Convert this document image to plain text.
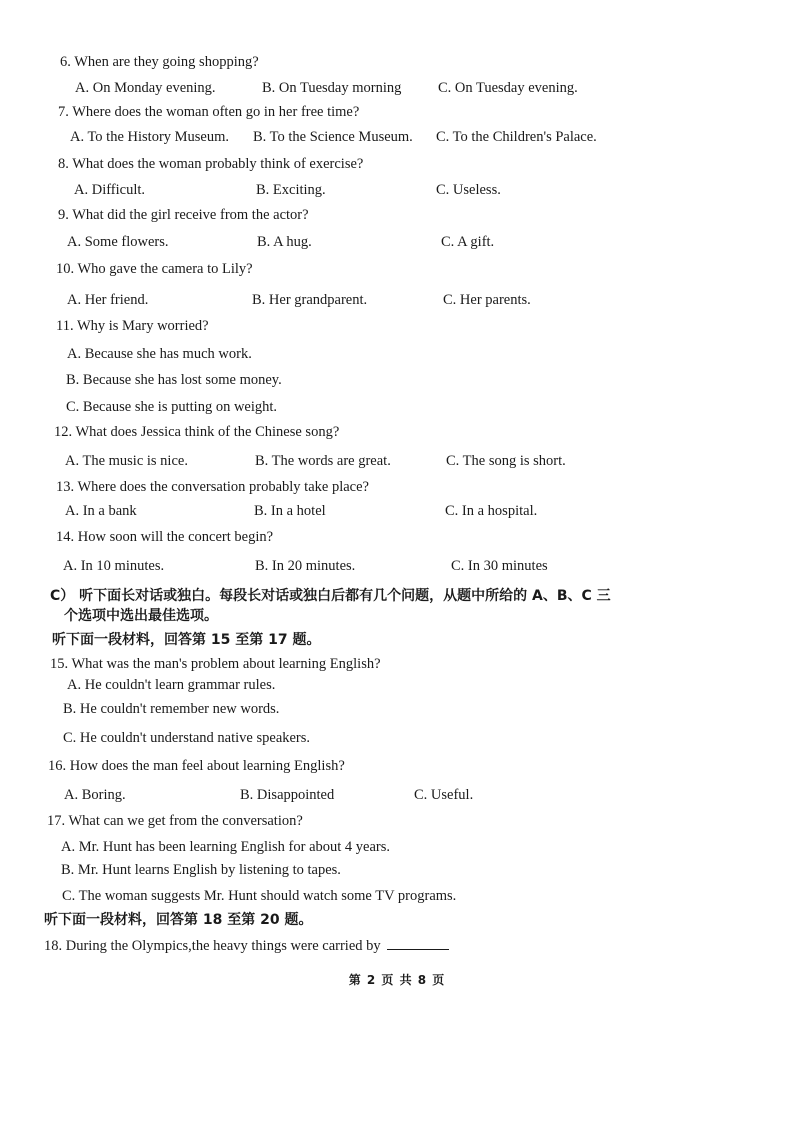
6. When are they going shopping?
A. On Monday evening.	B. On Tuesday morning	C. On Tuesday evening.
7. Where does the woman often go in her free time?
A. To the History Museum. B. To the Science Museum. C. To the Children's Palace.
8. What does the woman probably think of exercise?
A. Difficult.	B. Exciting.	C. Useless.
9. What did the girl receive from the actor?
A. Some flowers.	B. A hug.	C. A gift.
10. Who gave the camera to Lily?
A. Her friend.	B. Her grandparent.	C. Her parents.
11. Why is Mary worried?
A. Because she has much work.
B. Because she has lost some money.
C. Because she is putting on weight.
12. What does Jessica think of the Chinese song?
A. The music is nice.	B. The words are great.	C. The song is short.
13. Where does the conversation probably take place?
A. In a bank	B. In a hotel	C. In a hospital.
14. How soon will the concert begin?
A. In 10 minutes.	B. In 20 minutes.	C. In 30 minutes
C） 听下面长对话或独白。每段长对话或独白后都有几个问题，从题中所给的 A、B、C 三
个选项中选出最佳选项。
听下面一段材料，回答第 15 至第 17 题。
15. What was the man's problem about learning English?
A. He couldn't learn grammar rules.
B. He couldn't remember new words.
C. He couldn't understand native speakers.
16. How does the man feel about learning English?
A. Boring.	B. Disappointed	C. Useful.
17. What can we get from the conversation?
A. Mr. Hunt has been learning English for about 4 years.
B. Mr. Hunt learns English by listening to tapes.
C. The woman suggests Mr. Hunt should watch some TV programs.
听下面一段材料，回答第 18 至第 20 题。
18. During the Olympics,the heavy things were carried by
第 2 页 共 8 页
